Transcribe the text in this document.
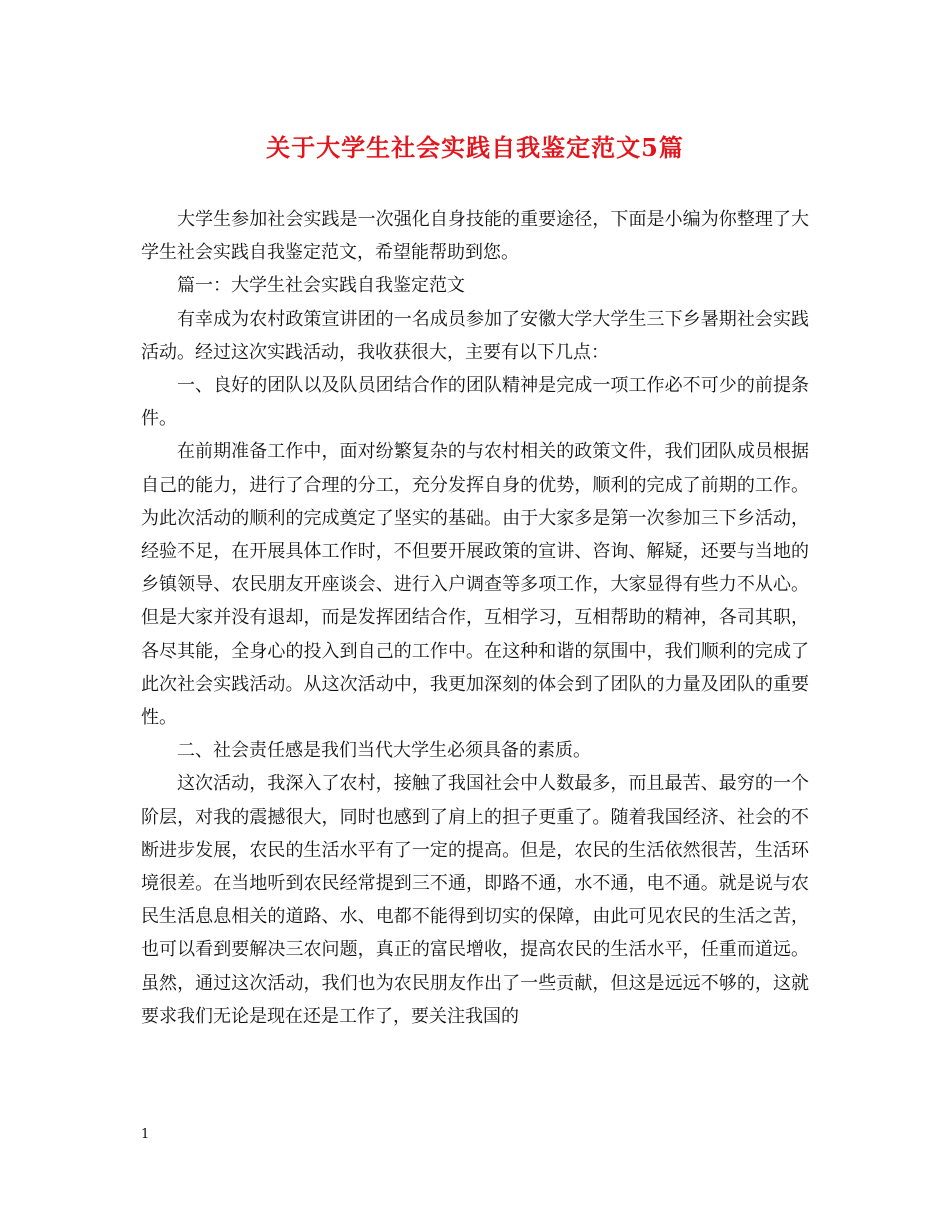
关于大学生社会实践自我鉴定范文5篇

大学生参加社会实践是一次强化自身技能的重要途径，下面是小编为你整理了大学生社会实践自我鉴定范文，希望能帮助到您。

篇一：大学生社会实践自我鉴定范文

有幸成为农村政策宣讲团的一名成员参加了安徽大学大学生三下乡暑期社会实践活动。经过这次实践活动，我收获很大，主要有以下几点：

一、良好的团队以及队员团结合作的团队精神是完成一项工作必不可少的前提条件。

在前期准备工作中，面对纷繁复杂的与农村相关的政策文件，我们团队成员根据自己的能力，进行了合理的分工，充分发挥自身的优势，顺利的完成了前期的工作。为此次活动的顺利的完成奠定了坚实的基础。由于大家多是第一次参加三下乡活动，经验不足，在开展具体工作时，不但要开展政策的宣讲、咨询、解疑，还要与当地的乡镇领导、农民朋友开座谈会、进行入户调查等多项工作，大家显得有些力不从心。但是大家并没有退却，而是发挥团结合作，互相学习，互相帮助的精神，各司其职，各尽其能，全身心的投入到自己的工作中。在这种和谐的氛围中，我们顺利的完成了此次社会实践活动。从这次活动中，我更加深刻的体会到了团队的力量及团队的重要性。

二、社会责任感是我们当代大学生必须具备的素质。

这次活动，我深入了农村，接触了我国社会中人数最多，而且最苦、最穷的一个阶层，对我的震撼很大，同时也感到了肩上的担子更重了。随着我国经济、社会的不断进步发展，农民的生活水平有了一定的提高。但是，农民的生活依然很苦，生活环境很差。在当地听到农民经常提到三不通，即路不通，水不通，电不通。就是说与农民生活息息相关的道路、水、电都不能得到切实的保障，由此可见农民的生活之苦，也可以看到要解决三农问题，真正的富民增收，提高农民的生活水平，任重而道远。虽然，通过这次活动，我们也为农民朋友作出了一些贡献，但这是远远不够的，这就要求我们无论是现在还是工作了，要关注我国的

1
